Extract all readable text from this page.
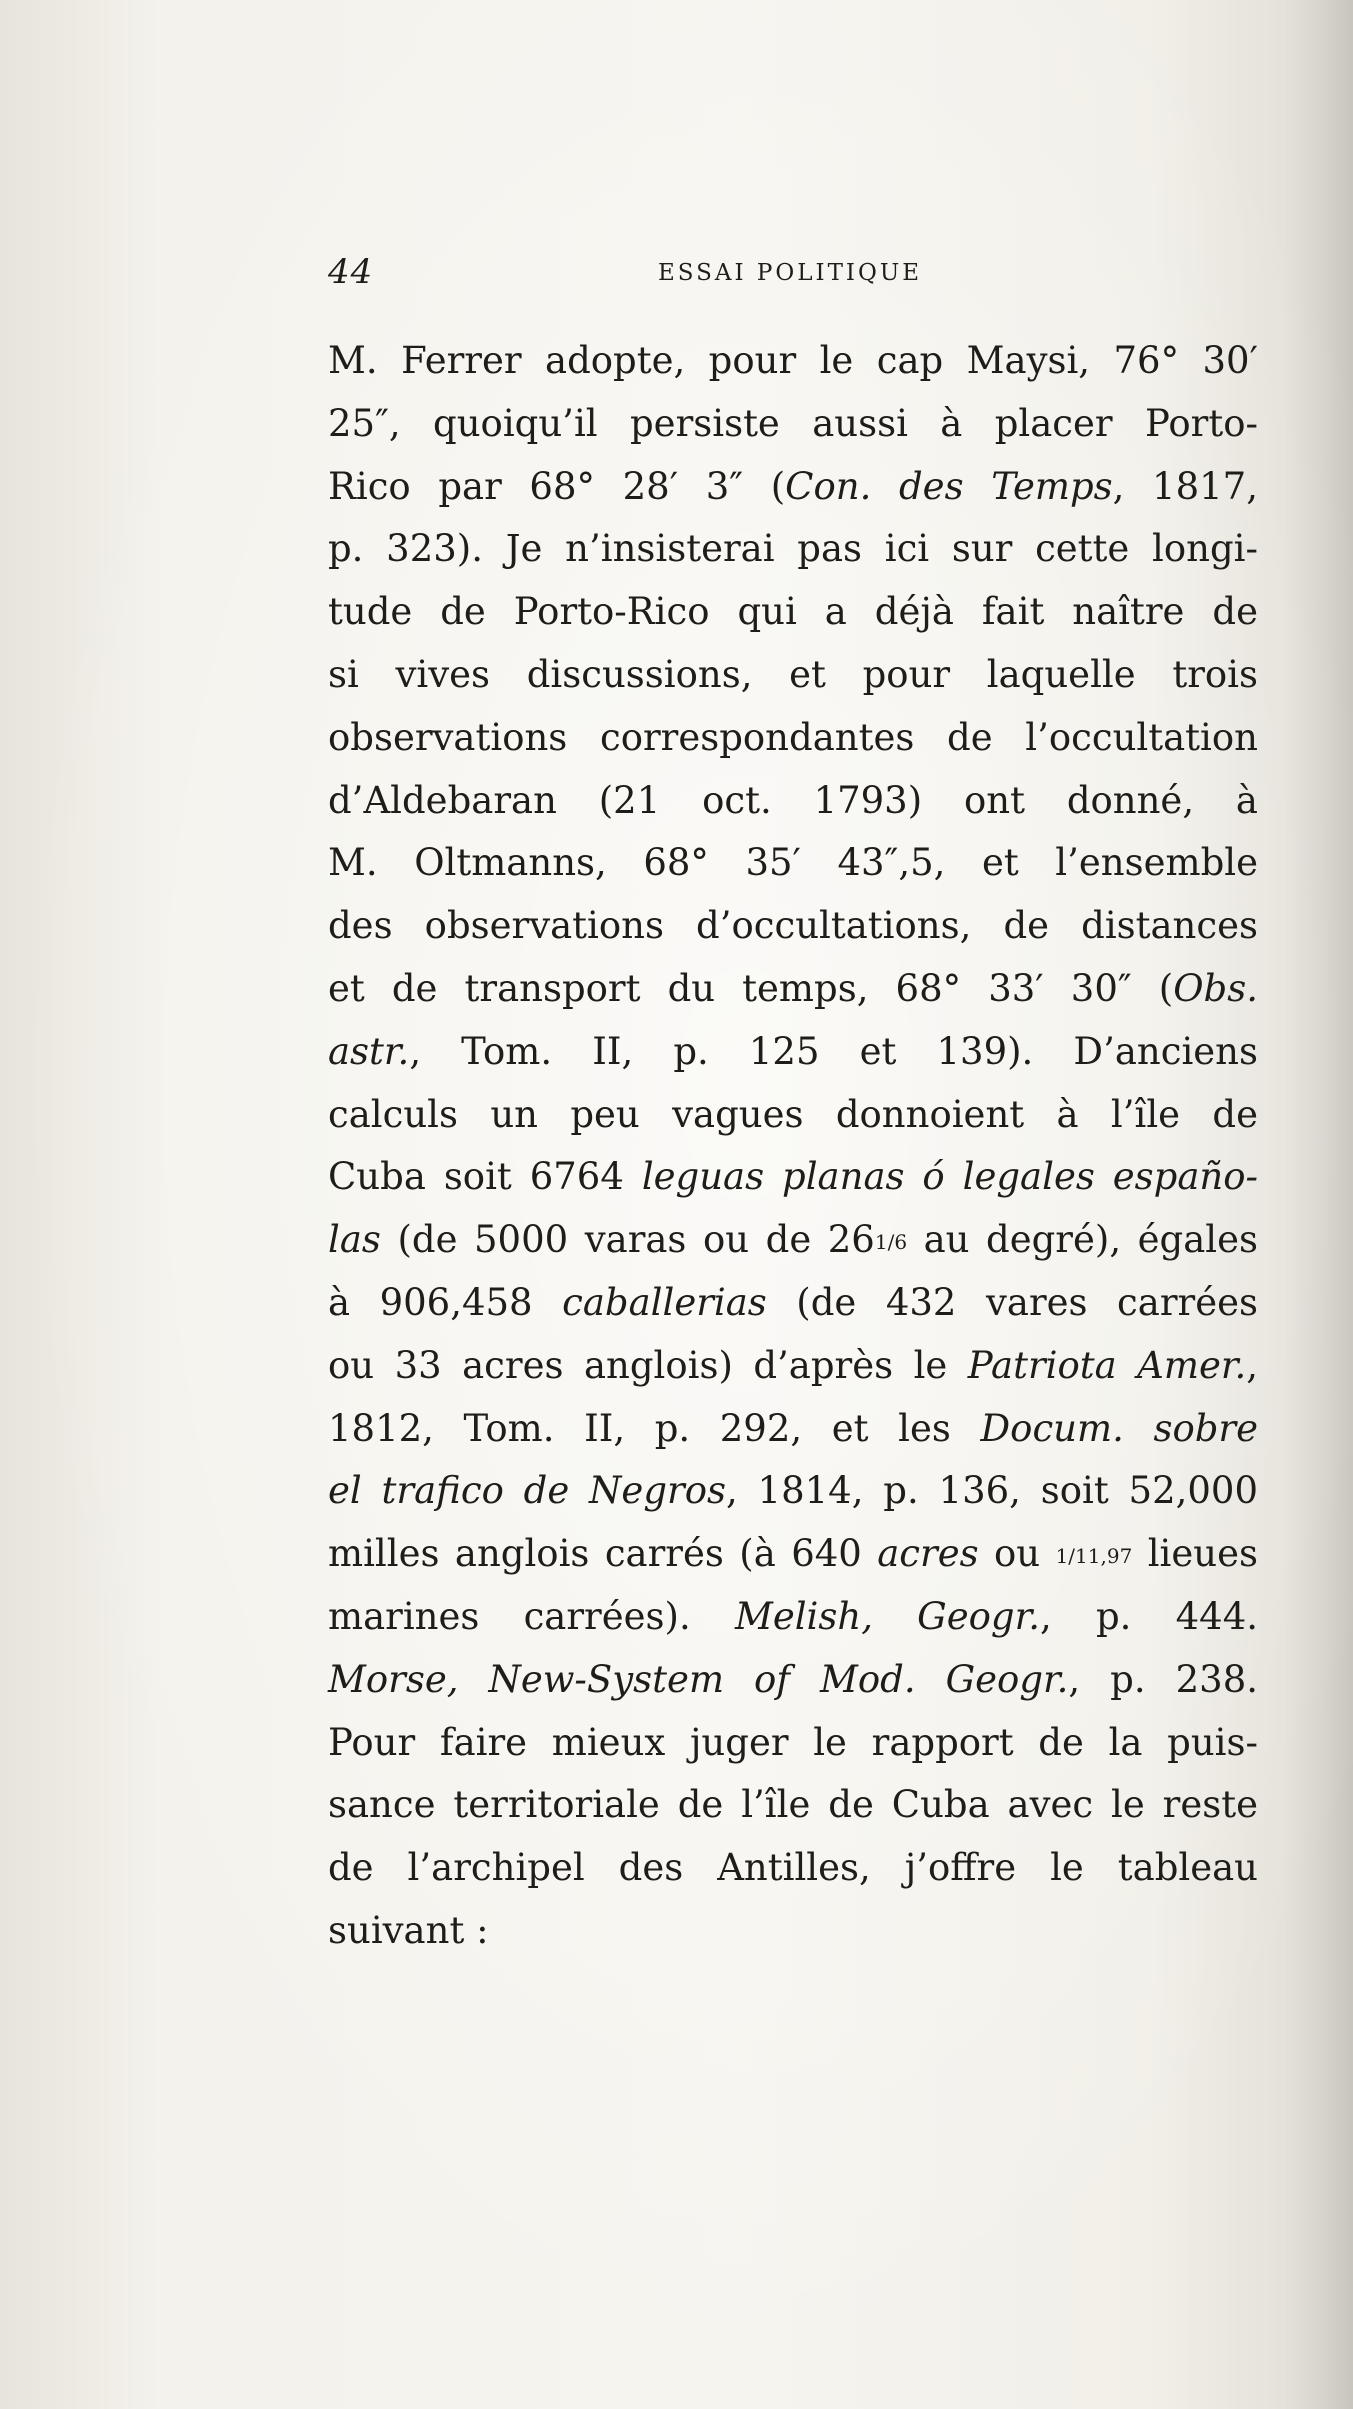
44	ESSAI POLITIQUE
M. Ferrer adopte, pour le cap Maysi, 76° 30′
25″, quoiqu’il persiste aussi à placer Porto-
Rico par 68° 28′ 3″ (Con. des Temps, 1817,
p. 323). Je n’insisterai pas ici sur cette longi-
tude de Porto-Rico qui a déjà fait naître de
si vives discussions, et pour laquelle trois
observations correspondantes de l’occultation
d’Aldebaran (21 oct. 1793) ont donné, à
M. Oltmanns, 68° 35′ 43″,5, et l’ensemble
des observations d’occultations, de distances
et de transport du temps, 68° 33′ 30″ (Obs.
astr., Tom. II, p. 125 et 139). D’anciens
calculs un peu vagues donnoient à l’île de
Cuba soit 6764 leguas planas ó legales españo-
las (de 5000 varas ou de 261/6 au degré), égales
à 906,458 caballerias (de 432 vares carrées
ou 33 acres anglois) d’après le Patriota Amer.,
1812, Tom. II, p. 292, et les Docum. sobre
el trafico de Negros, 1814, p. 136, soit 52,000
milles anglois carrés (à 640 acres ou 1/11,97 lieues
marines carrées). Melish, Geogr., p. 444.
Morse, New-System of Mod. Geogr., p. 238.
Pour faire mieux juger le rapport de la puis-
sance territoriale de l’île de Cuba avec le reste
de l’archipel des Antilles, j’offre le tableau
suivant :
